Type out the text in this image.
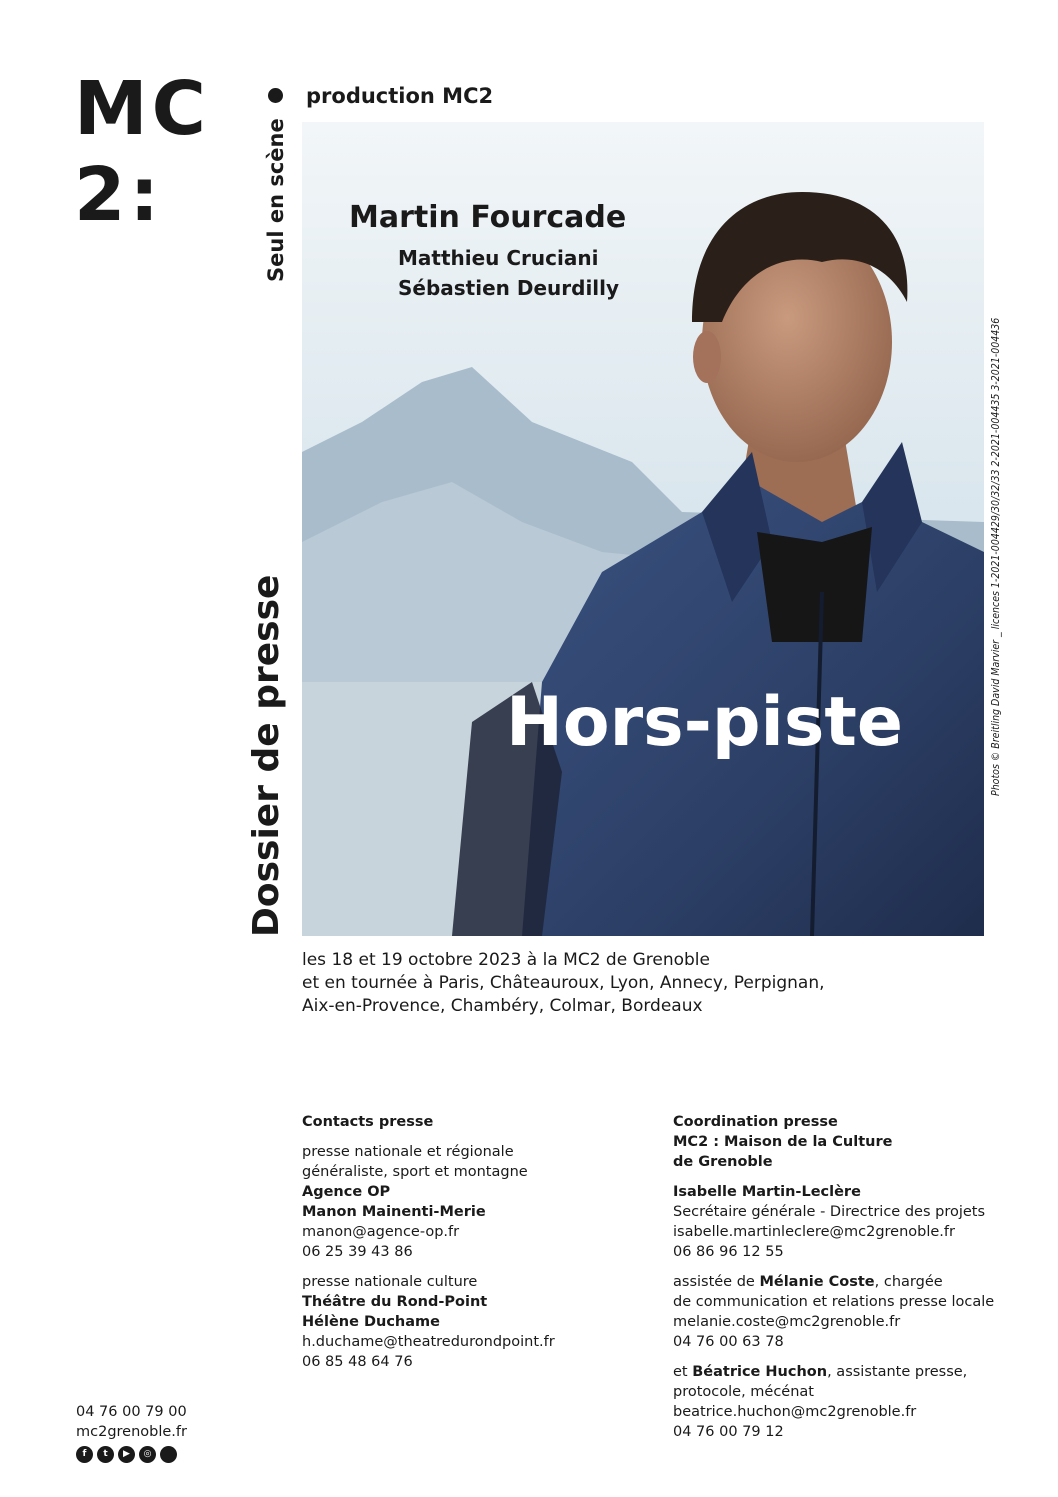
MC
2:	Seul en scène
Dossier de presse
production MC2
Martin Fourcade
Matthieu Cruciani
Sébastien Deurdilly
Hors-piste	Photos © Breitling David Marvier _ licences 1-2021-004429/30/32/33 2-2021-004435 3-2021-004436
les 18 et 19 octobre 2023 à la MC2 de Grenoble
et en tournée à Paris, Châteauroux, Lyon, Annecy, Perpignan,
Aix-en-Provence, Chambéry, Colmar, Bordeaux
Contacts presse
presse nationale et régionale
généraliste, sport et montagne
Agence OP
Manon Mainenti-Merie
manon@agence-op.fr
06 25 39 43 86
presse nationale culture
Théâtre du Rond-Point
Hélène Duchamе
h.duchame@theatredurondpoint.fr
06 85 48 64 76
Coordination presse
MC2 : Maison de la Culture
de Grenoble
Isabelle Martin-Leclère
Secrétaire générale - Directrice des projets
isabelle.martinleclere@mc2grenoble.fr
06 86 96 12 55
assistée de Mélanie Coste, chargée
de communication et relations presse locale
melanie.coste@mc2grenoble.fr
04 76 00 63 78
et Béatrice Huchon, assistante presse,
protocole, mécénat
beatrice.huchon@mc2grenoble.fr
04 76 00 79 12
04 76 00 79 00
mc2grenoble.fr
f	t	▶	◎
